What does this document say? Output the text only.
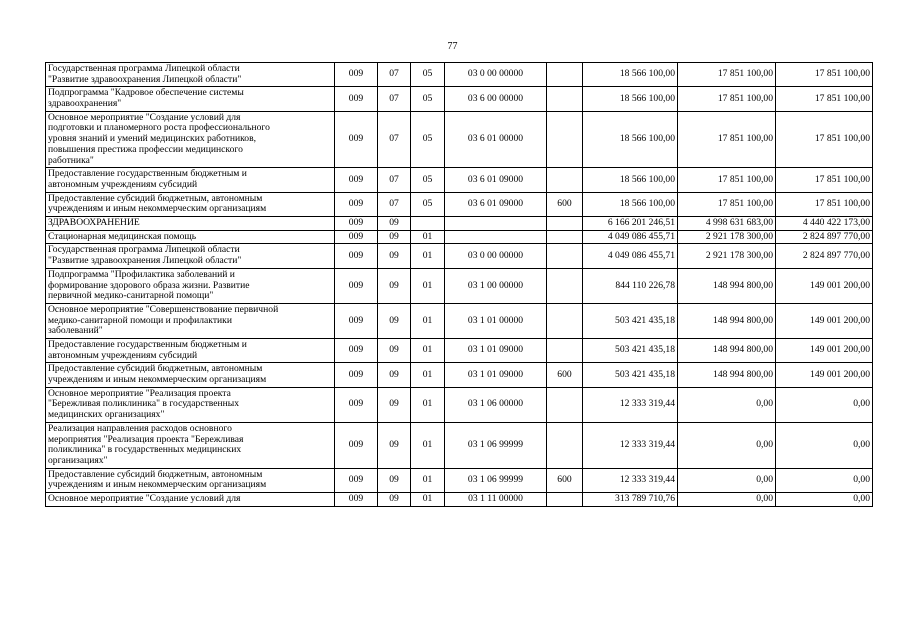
77
Государственная программа Липецкой области
"Развитие здравоохранения Липецкой области"	009	07	05	03 0 00 00000		18 566 100,00	17 851 100,00	17 851 100,00

Подпрограмма "Кадровое обеспечение системы
здравоохранения"	009	07	05	03 6 00 00000		18 566 100,00	17 851 100,00	17 851 100,00

Основное мероприятие "Создание условий для
подготовки и планомерного роста профессионального
уровня знаний и умений медицинских работников,
повышения престижа профессии медицинского
работника"	009	07	05	03 6 01 00000		18 566 100,00	17 851 100,00	17 851 100,00

Предоставление государственным бюджетным и
автономным учреждениям субсидий	009	07	05	03 6 01 09000		18 566 100,00	17 851 100,00	17 851 100,00

Предоставление субсидий бюджетным, автономным
учреждениям и иным некоммерческим организациям	009	07	05	03 6 01 09000	600	18 566 100,00	17 851 100,00	17 851 100,00

ЗДРАВООХРАНЕНИЕ	009	09				6 166 201 246,51	4 998 631 683,00	4 440 422 173,00

Стационарная медицинская помощь	009	09	01			4 049 086 455,71	2 921 178 300,00	2 824 897 770,00

Государственная программа Липецкой области
"Развитие здравоохранения Липецкой области"	009	09	01	03 0 00 00000		4 049 086 455,71	2 921 178 300,00	2 824 897 770,00

Подпрограмма "Профилактика заболеваний и
формирование здорового образа жизни. Развитие
первичной медико-санитарной помощи"	009	09	01	03 1 00 00000		844 110 226,78	148 994 800,00	149 001 200,00

Основное мероприятие "Совершенствование первичной
медико-санитарной помощи и профилактики
заболеваний"	009	09	01	03 1 01 00000		503 421 435,18	148 994 800,00	149 001 200,00

Предоставление государственным бюджетным и
автономным учреждениям субсидий	009	09	01	03 1 01 09000		503 421 435,18	148 994 800,00	149 001 200,00

Предоставление субсидий бюджетным, автономным
учреждениям и иным некоммерческим организациям	009	09	01	03 1 01 09000	600	503 421 435,18	148 994 800,00	149 001 200,00

Основное мероприятие "Реализация проекта
"Бережливая поликлиника" в государственных
медицинских организациях"	009	09	01	03 1 06 00000		12 333 319,44	0,00	0,00

Реализация направления расходов основного
мероприятия "Реализация проекта "Бережливая
поликлиника" в государственных медицинских
организациях"	009	09	01	03 1 06 99999		12 333 319,44	0,00	0,00

Предоставление субсидий бюджетным, автономным
учреждениям и иным некоммерческим организациям	009	09	01	03 1 06 99999	600	12 333 319,44	0,00	0,00

Основное мероприятие "Создание условий для	009	09	01	03 1 11 00000		313 789 710,76	0,00	0,00
